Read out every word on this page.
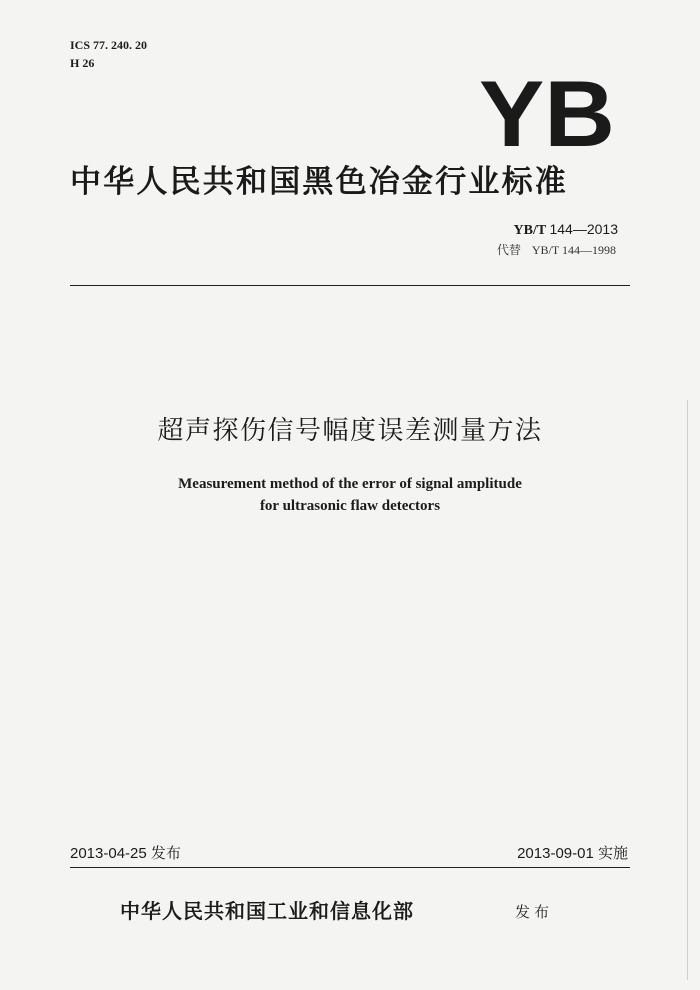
ICS 77. 240. 20
H 26	YB
中华人民共和国黑色冶金行业标准
YB/T 144—2013
代替 YB/T 144—1998
超声探伤信号幅度误差测量方法
Measurement method of the error of signal amplitude
for ultrasonic flaw detectors
2013-04-25 发布	2013-09-01 实施
中华人民共和国工业和信息化部	发布
